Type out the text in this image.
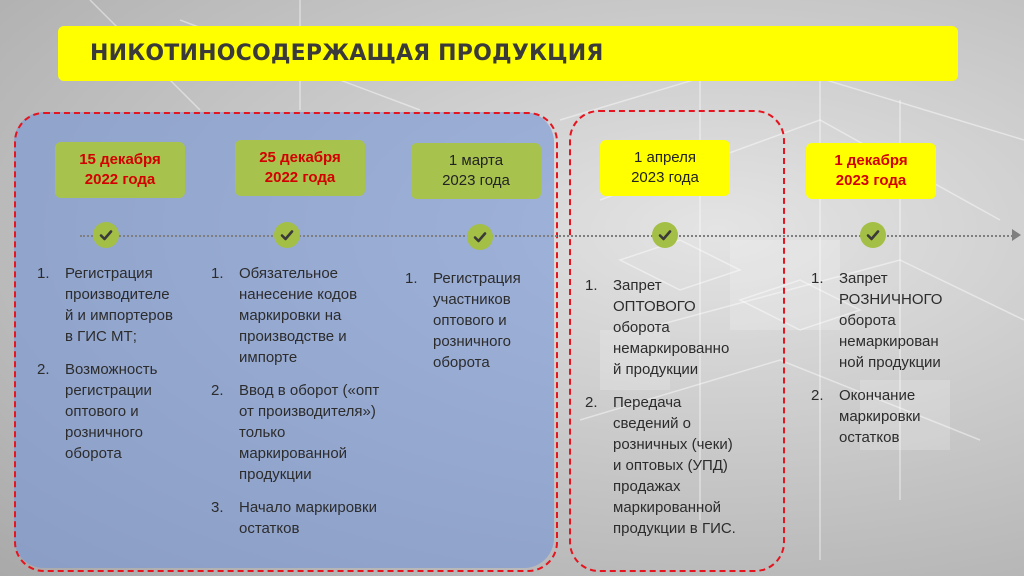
НИКОТИНОСОДЕРЖАЩАЯ ПРОДУКЦИЯ
15 декабря
2022 года
25 декабря
2022 года
1 марта
2023 года
1 апреля
2023 года
1 декабря
2023 года
1. Регистрация
производителе
й и импортеров
в ГИС МТ;
2. Возможность
регистрации
оптового и
розничного
оборота
1. Обязательное
нанесение кодов
маркировки на
производстве и
импорте
2. Ввод в оборот («опт
от производителя»)
только
маркированной
продукции
3. Начало маркировки
остатков
1. Регистрация
участников
оптового и
розничного
оборота
1. Запрет
ОПТОВОГО
оборота
немаркированно
й продукции
2. Передача
сведений о
розничных (чеки)
и оптовых (УПД)
продажах
маркированной
продукции в ГИС.
1. Запрет
РОЗНИЧНОГО
оборота
немаркирован
ной продукции
2. Окончание
маркировки
остатков
